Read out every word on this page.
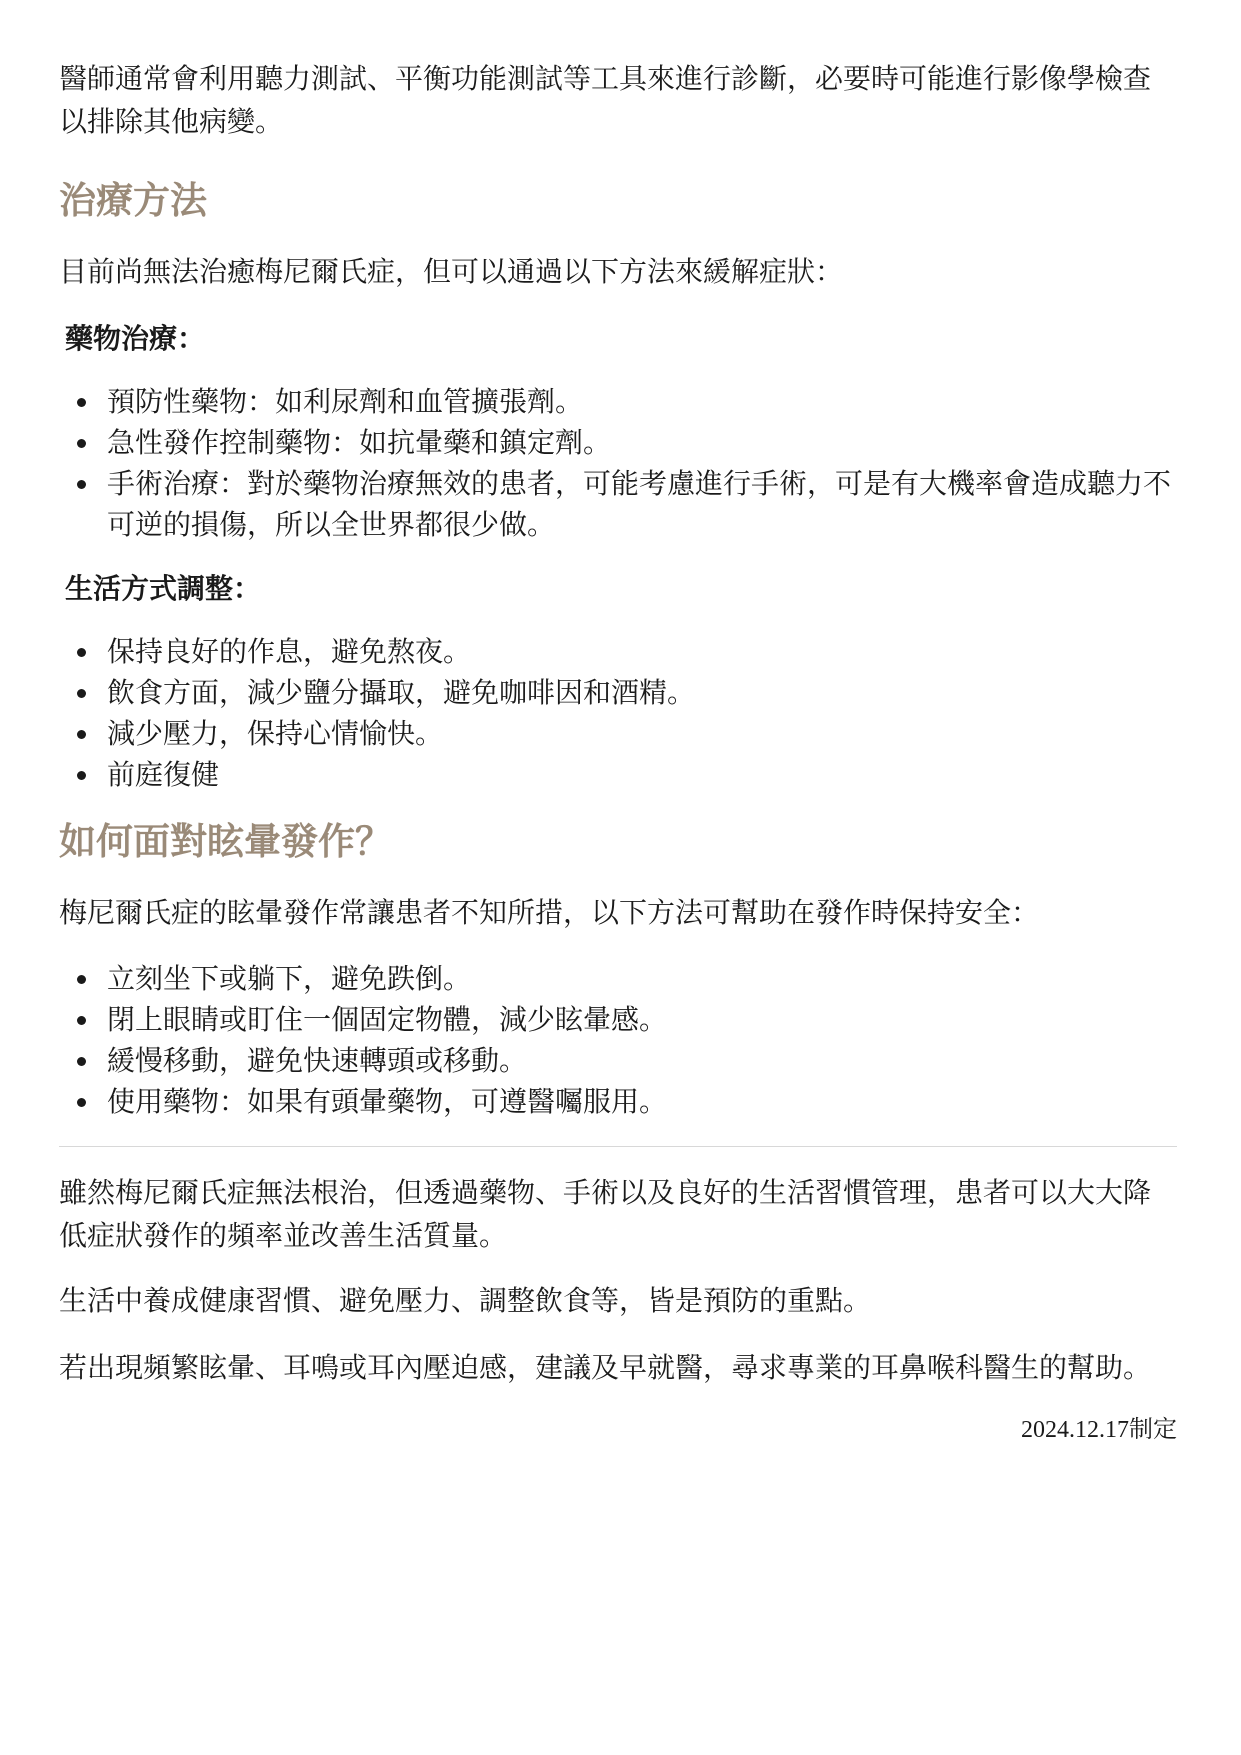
醫師通常會利用聽力測試、平衡功能測試等工具來進行診斷，必要時可能進行影像學檢查以排除其他病變。

治療方法

目前尚無法治癒梅尼爾氏症，但可以通過以下方法來緩解症狀：

藥物治療：
預防性藥物：如利尿劑和血管擴張劑。
急性發作控制藥物：如抗暈藥和鎮定劑。
手術治療：對於藥物治療無效的患者，可能考慮進行手術，可是有大機率會造成聽力不可逆的損傷，所以全世界都很少做。
生活方式調整：
保持良好的作息，避免熬夜。
飲食方面，減少鹽分攝取，避免咖啡因和酒精。
減少壓力，保持心情愉快。
前庭復健
如何面對眩暈發作？

梅尼爾氏症的眩暈發作常讓患者不知所措，以下方法可幫助在發作時保持安全：

立刻坐下或躺下，避免跌倒。
閉上眼睛或盯住一個固定物體，減少眩暈感。
緩慢移動，避免快速轉頭或移動。
使用藥物：如果有頭暈藥物，可遵醫囑服用。

雖然梅尼爾氏症無法根治，但透過藥物、手術以及良好的生活習慣管理，患者可以大大降低症狀發作的頻率並改善生活質量。

生活中養成健康習慣、避免壓力、調整飲食等，皆是預防的重點。

若出現頻繁眩暈、耳鳴或耳內壓迫感，建議及早就醫，尋求專業的耳鼻喉科醫生的幫助。

2024.12.17制定
